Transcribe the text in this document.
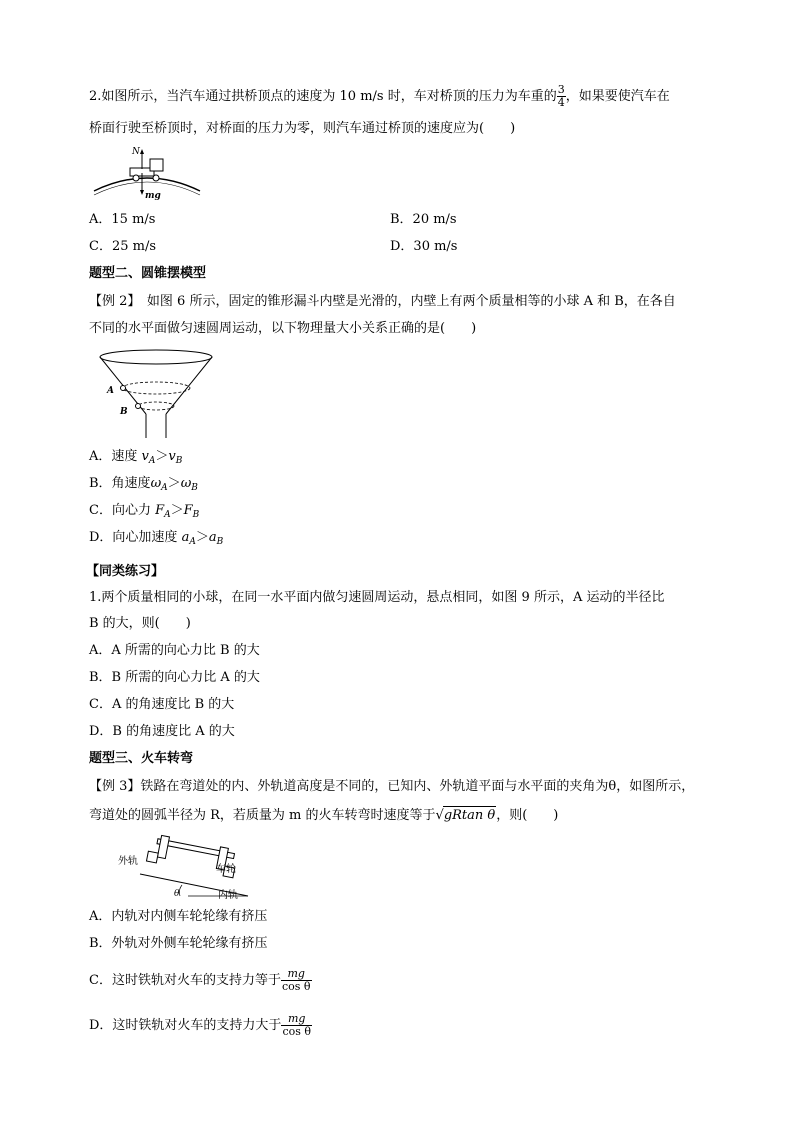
2.如图所示，当汽车通过拱桥顶点的速度为 10 m/s 时，车对桥顶的压力为车重的 $\frac{3}{4}$ ，如果要使汽车在
桥面行驶至桥顶时，对桥面的压力为零，则汽车通过桥顶的速度应为(　　)
N
mg
A．15 m/s	B．20 m/s
C．25 m/s	D．30 m/s
题型二、圆锥摆模型
【例 2】　如图 6 所示，固定的锥形漏斗内壁是光滑的，内壁上有两个质量相等的小球 A 和 B，在各自
不同的水平面做匀速圆周运动，以下物理量大小关系正确的是(　　)
A
B
A．速度 $v_A>v_B$
B．角速度$\omega_A>\omega_B$
C．向心力 $F_A>F_B$
D．向心加速度 $a_A>a_B$
【同类练习】
1.两个质量相同的小球，在同一水平面内做匀速圆周运动，悬点相同，如图 9 所示，A 运动的半径比
B 的大，则(　　)
A．A 所需的向心力比 B 的大
B．B 所需的向心力比 A 的大
C．A 的角速度比 B 的大
D．B 的角速度比 A 的大
题型三、火车转弯
【例 3】铁路在弯道处的内、外轨道高度是不同的，已知内、外轨道平面与水平面的夹角为θ，如图所示，
弯道处的圆弧半径为 R，若质量为 m 的火车转弯时速度等于√gRtan θ，则(　　)
外轨
车轮
内轨
θ
A．内轨对内侧车轮轮缘有挤压
B．外轨对外侧车轮轮缘有挤压
C．这时铁轨对火车的支持力等于 $\frac{mg}{\text{cos θ}}$
D．这时铁轨对火车的支持力大于 $\frac{mg}{\text{cos θ}}$
